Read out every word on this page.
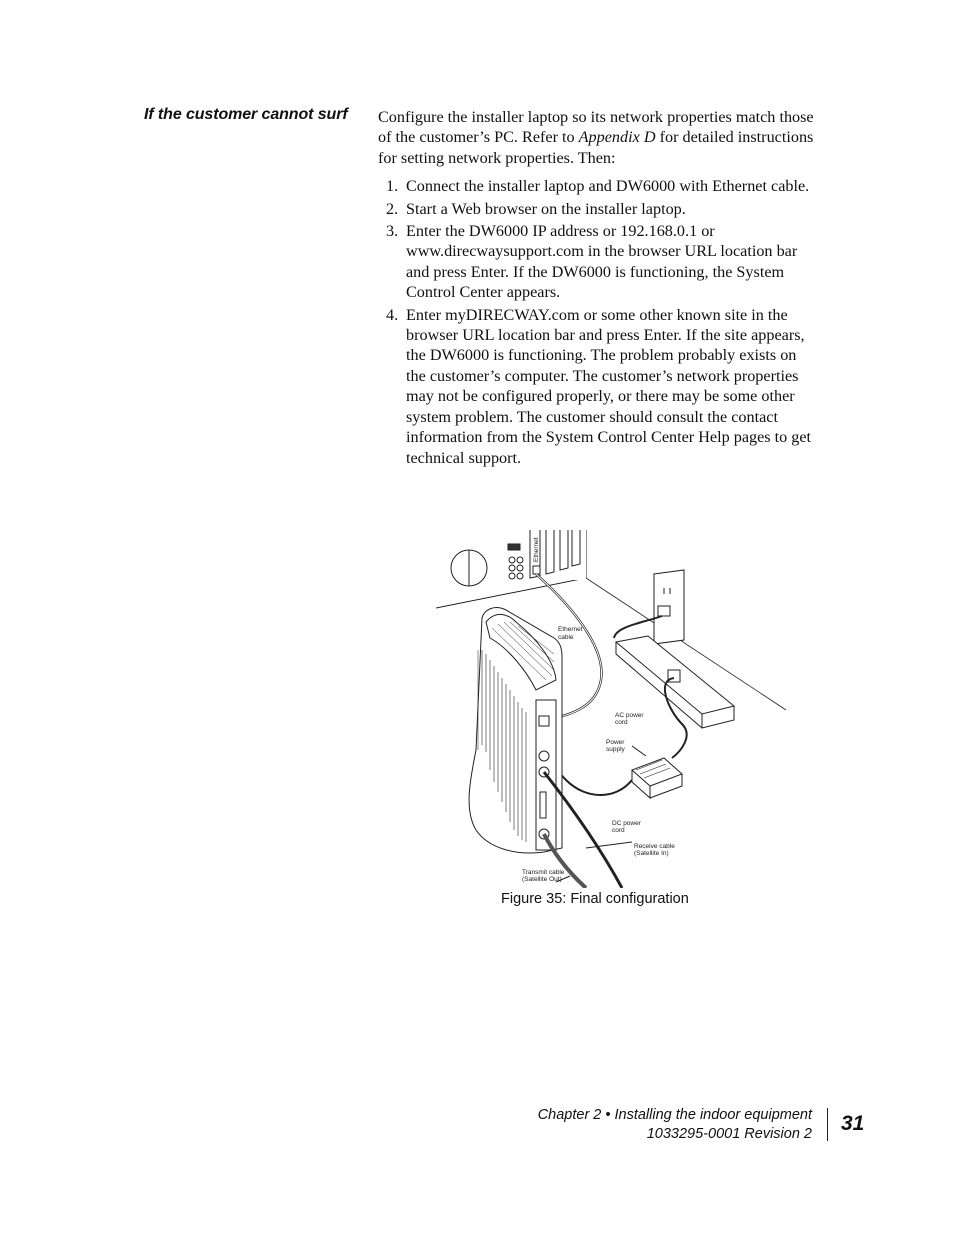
If the customer cannot surf Configure the installer laptop so its network properties match those of the customer’s PC. Refer to Appendix D for detailed instructions for setting network properties. Then:

1. Connect the installer laptop and DW6000 with Ethernet cable.
2. Start a Web browser on the installer laptop.
3. Enter the DW6000 IP address or 192.168.0.1 or www.direcwaysupport.com in the browser URL location bar and press Enter. If the DW6000 is functioning, the System Control Center appears.
4. Enter myDIRECWAY.com or some other known site in the browser URL location bar and press Enter. If the site appears, the DW6000 is functioning. The problem probably exists on the customer’s computer. The customer’s network properties may not be configured properly, or there may be some other system problem. The customer should consult the contact information from the System Control Center Help pages to get technical support.
Ethernet
Ethernet
cable
AC power
cord
Power
supply
DC power
cord
Receive cable
(Satellite In)
Transmit cable
(Satellite Out)
Figure 35: Final configuration
Chapter 2 • Installing the indoor equipment
1033295-0001 Revision 2 31
